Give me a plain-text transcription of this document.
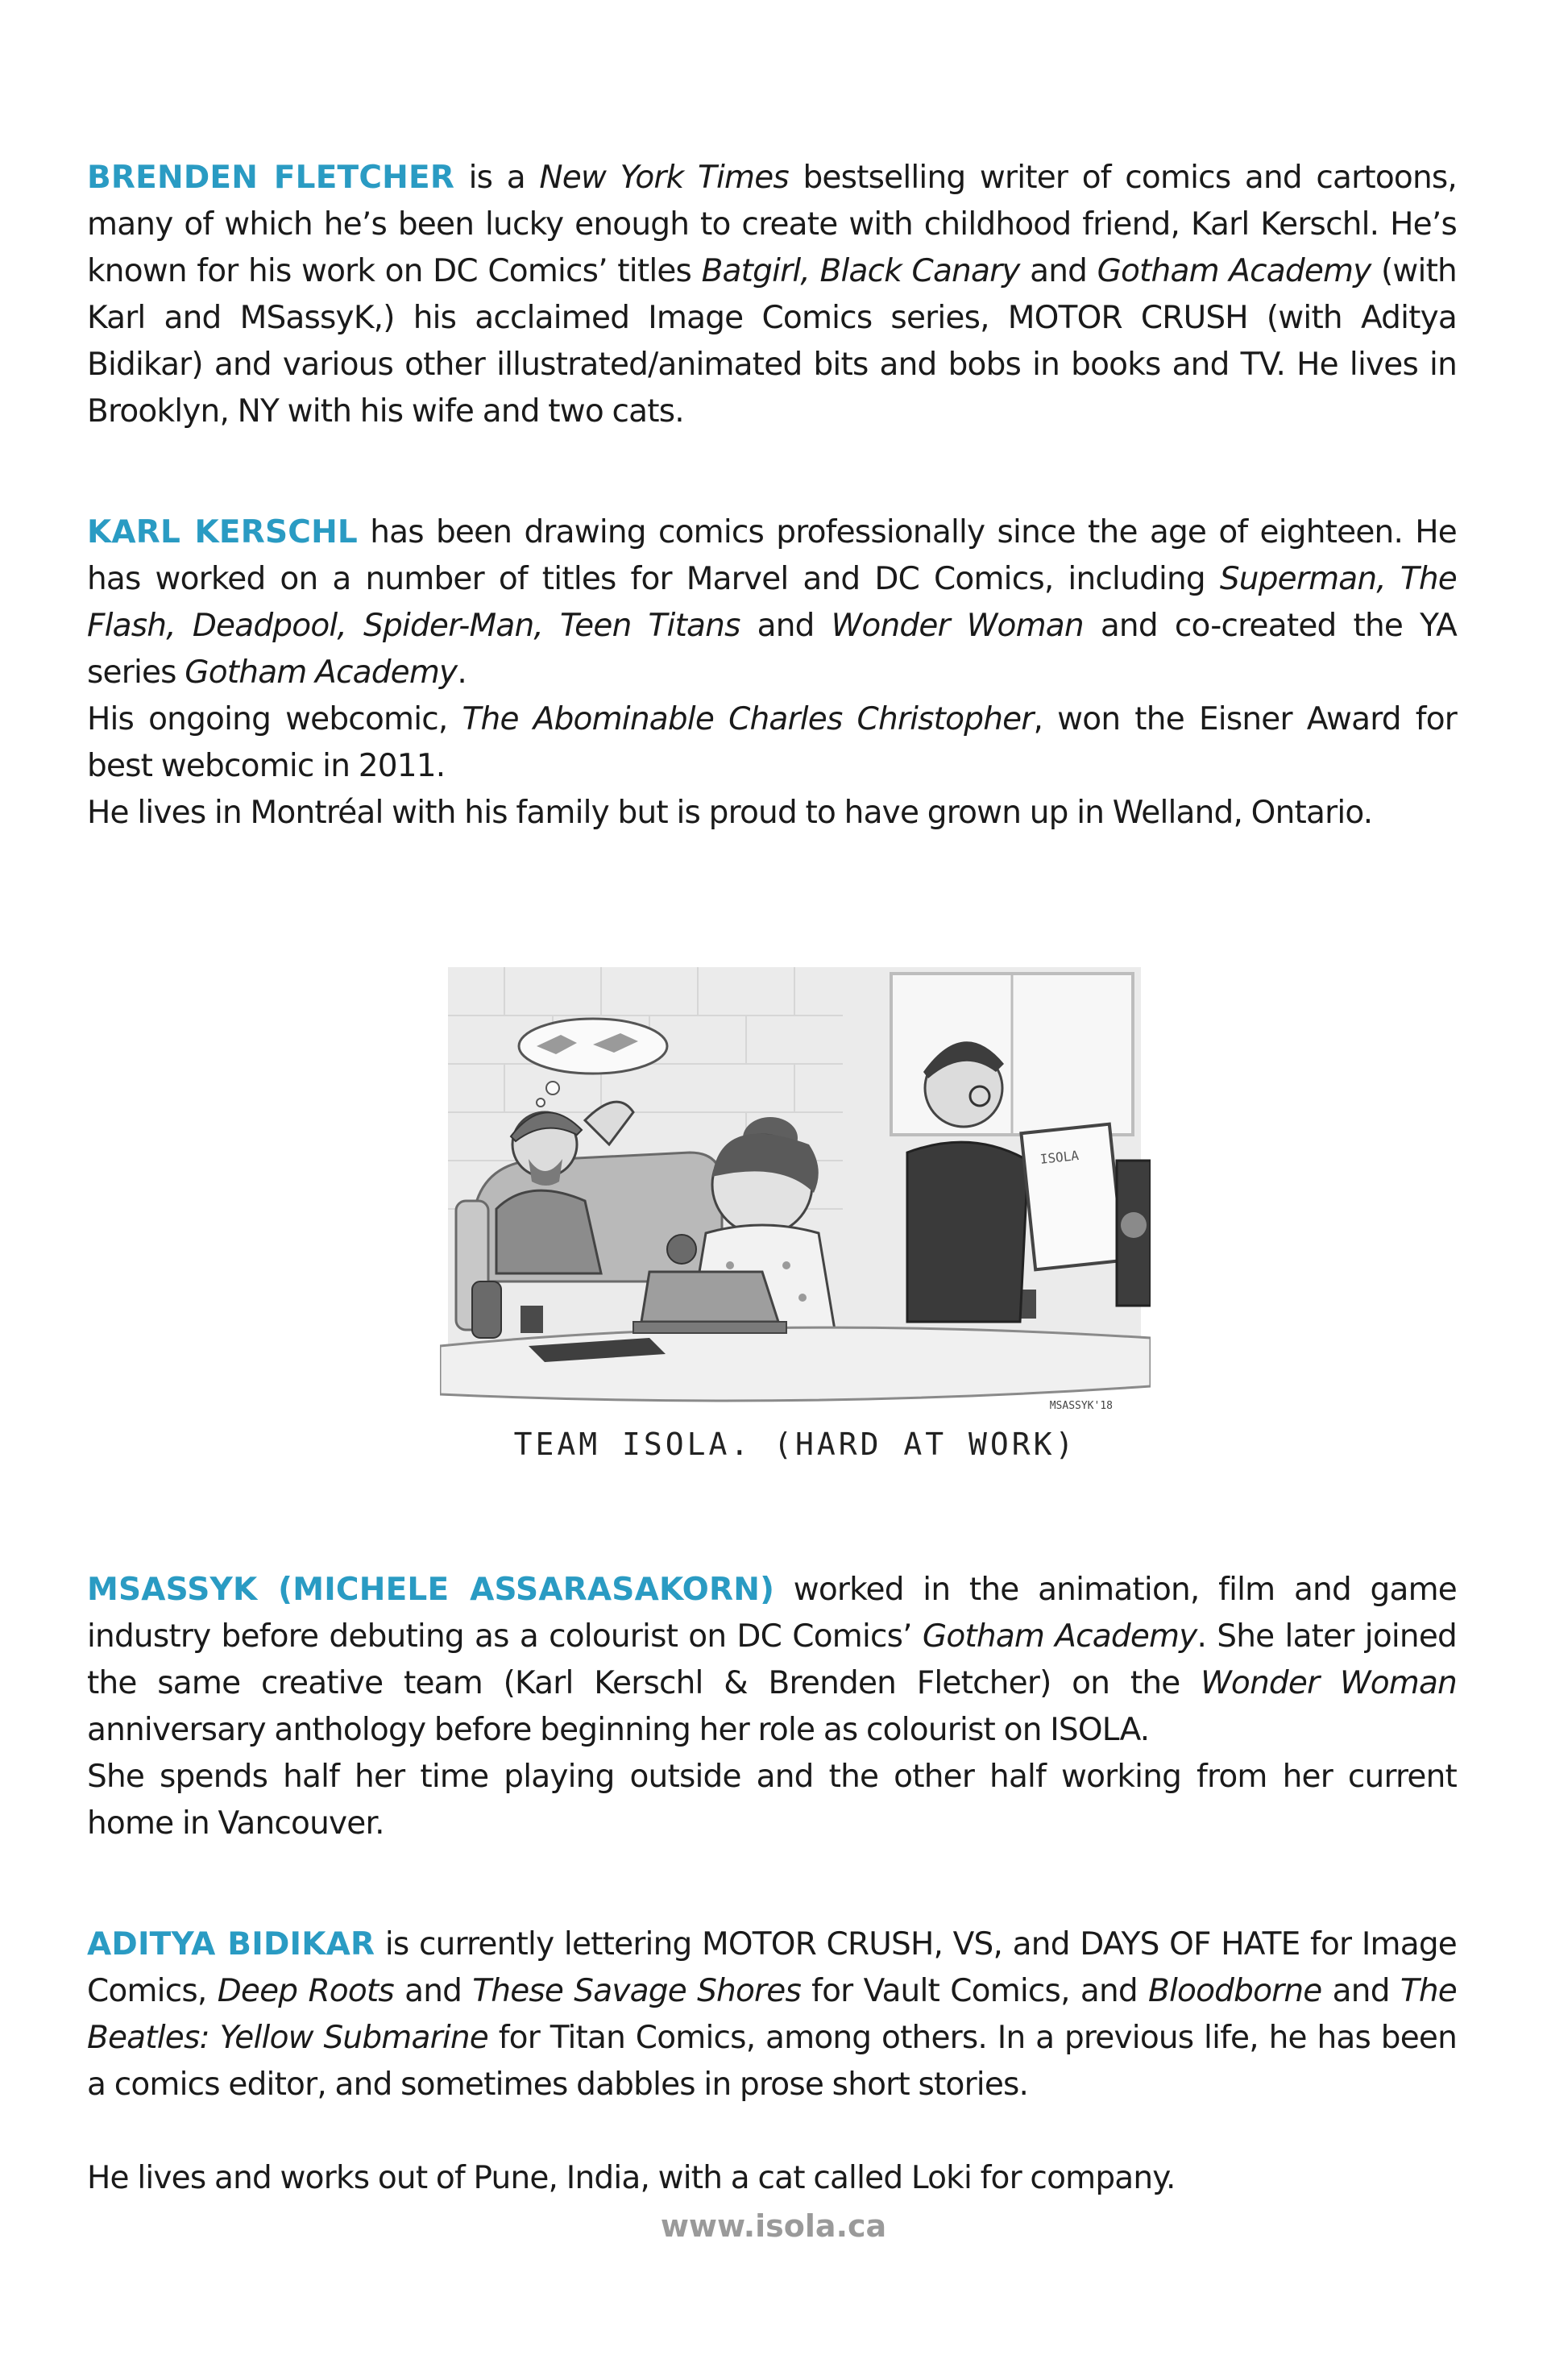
BRENDEN FLETCHER is a New York Times bestselling writer of comics and cartoons, many of which he’s been lucky enough to create with childhood friend, Karl Kerschl. He’s known for his work on DC Comics’ titles Batgirl, Black Canary and Gotham Academy (with Karl and MSassyK,) his acclaimed Image Comics series, MOTOR CRUSH (with Aditya Bidikar) and various other illustrated/animated bits and bobs in books and TV. He lives in Brooklyn, NY with his wife and two cats.

KARL KERSCHL has been drawing comics professionally since the age of eighteen. He has worked on a number of titles for Marvel and DC Comics, including Superman, The Flash, Deadpool, Spider-Man, Teen Titans and Wonder Woman and co-created the YA series Gotham Academy.

His ongoing webcomic, The Abominable Charles Christopher, won the Eisner Award for best webcomic in 2011.

He lives in Montréal with his family but is proud to have grown up in Welland, Ontario.

ISOLA
MSASSYK'18
TEAM ISOLA. (HARD AT WORK)

MSASSYK (MICHELE ASSARASAKORN) worked in the animation, film and game industry before debuting as a colourist on DC Comics’ Gotham Academy. She later joined the same creative team (Karl Kerschl & Brenden Fletcher) on the Wonder Woman anniversary anthology before beginning her role as colourist on ISOLA.

She spends half her time playing outside and the other half working from her current home in Vancouver.

ADITYA BIDIKAR is currently lettering MOTOR CRUSH, VS, and DAYS OF HATE for Image Comics, Deep Roots and These Savage Shores for Vault Comics, and Bloodborne and The Beatles: Yellow Submarine for Titan Comics, among others. In a previous life, he has been a comics editor, and sometimes dabbles in prose short stories.

He lives and works out of Pune, India, with a cat called Loki for company.

www.isola.ca
